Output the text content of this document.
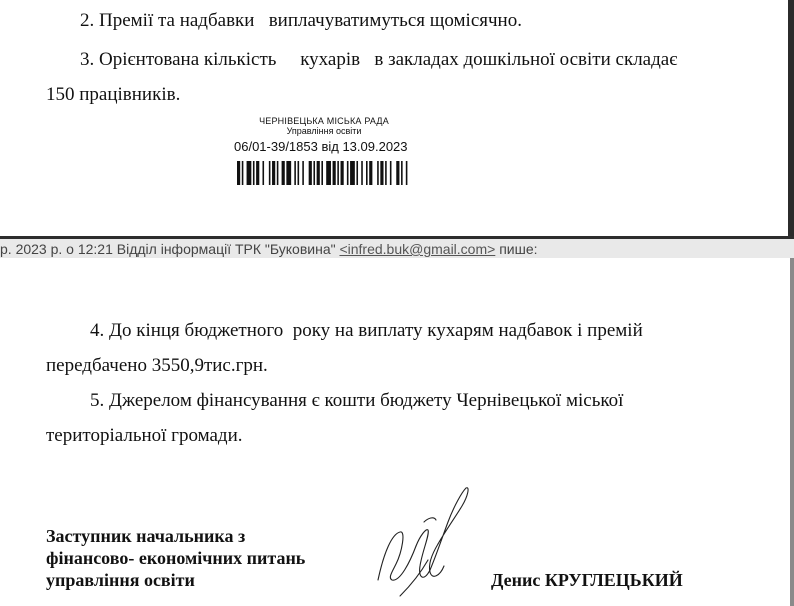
2. Премії та надбавки   виплачуватимуться щомісячно.
3. Орієнтована кількість     кухарів   в закладах дошкільної освіти складає
150 працівників.
ЧЕРНІВЕЦЬКА МІСЬКА РАДА
Управління освіти
06/01-39/1853 від 13.09.2023
р. 2023 р. о 12:21 Відділ інформації ТРК "Буковина" <infred.buk@gmail.com> пише:
4. До кінця бюджетного  року на виплату кухарям надбавок і премій
передбачено 3550,9тис.грн.
5. Джерелом фінансування є кошти бюджету Чернівецької міської
територіальної громади.
Заступник начальника з
фінансово- економічних питань
управління освіти	Денис КРУГЛЕЦЬКИЙ
